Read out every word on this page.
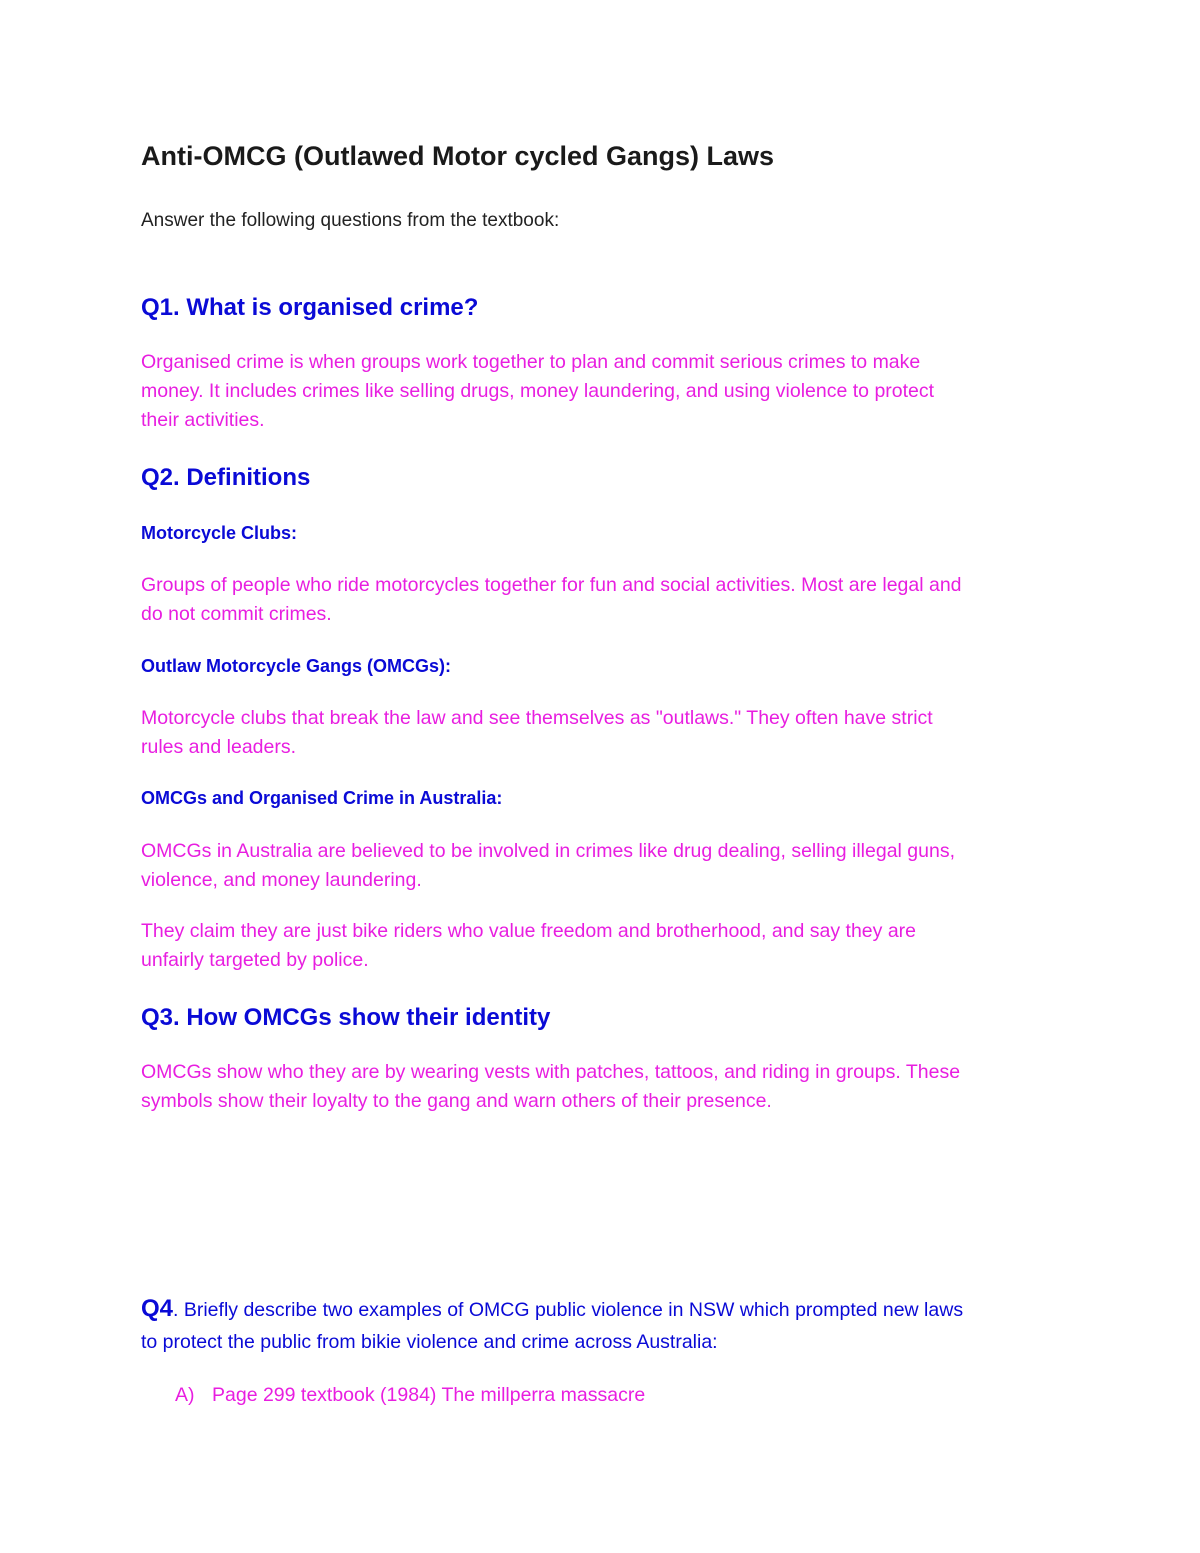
Anti-OMCG (Outlawed Motor cycled Gangs) Laws

Answer the following questions from the textbook:

Q1. What is organised crime?
Organised crime is when groups work together to plan and commit serious crimes to make
money. It includes crimes like selling drugs, money laundering, and using violence to protect
their activities.
Q2. Definitions
Motorcycle Clubs:
Groups of people who ride motorcycles together for fun and social activities. Most are legal and
do not commit crimes.
Outlaw Motorcycle Gangs (OMCGs):
Motorcycle clubs that break the law and see themselves as "outlaws." They often have strict
rules and leaders.
OMCGs and Organised Crime in Australia:
OMCGs in Australia are believed to be involved in crimes like drug dealing, selling illegal guns,
violence, and money laundering.
They claim they are just bike riders who value freedom and brotherhood, and say they are
unfairly targeted by police.
Q3. How OMCGs show their identity
OMCGs show who they are by wearing vests with patches, tattoos, and riding in groups. These
symbols show their loyalty to the gang and warn others of their presence.
Q4. Briefly describe two examples of OMCG public violence in NSW which prompted new laws
to protect the public from bikie violence and crime across Australia:
A) Page 299 textbook (1984) The millperra massacre
